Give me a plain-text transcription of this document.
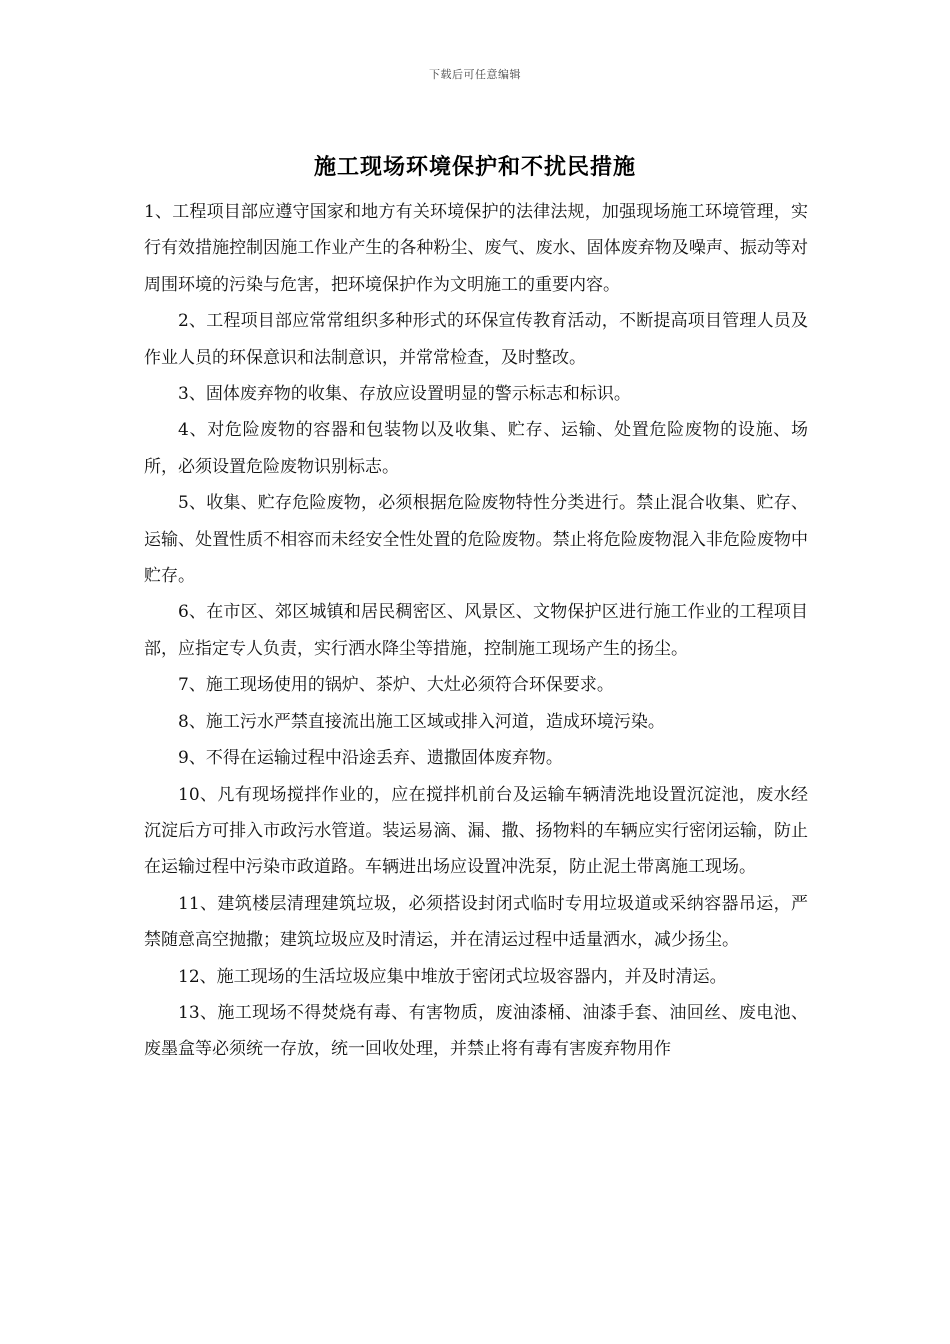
下载后可任意编辑
施工现场环境保护和不扰民措施

1、工程项目部应遵守国家和地方有关环境保护的法律法规，加强现场施工环境管理，实行有效措施控制因施工作业产生的各种粉尘、废气、废水、固体废弃物及噪声、振动等对周围环境的污染与危害，把环境保护作为文明施工的重要内容。

2、工程项目部应常常组织多种形式的环保宣传教育活动，不断提高项目管理人员及作业人员的环保意识和法制意识，并常常检查，及时整改。

3、固体废弃物的收集、存放应设置明显的警示标志和标识。

4、对危险废物的容器和包装物以及收集、贮存、运输、处置危险废物的设施、场所，必须设置危险废物识别标志。

5、收集、贮存危险废物，必须根据危险废物特性分类进行。禁止混合收集、贮存、运输、处置性质不相容而未经安全性处置的危险废物。禁止将危险废物混入非危险废物中贮存。

6、在市区、郊区城镇和居民稠密区、风景区、文物保护区进行施工作业的工程项目部，应指定专人负责，实行洒水降尘等措施，控制施工现场产生的扬尘。

7、施工现场使用的锅炉、茶炉、大灶必须符合环保要求。

8、施工污水严禁直接流出施工区域或排入河道，造成环境污染。

9、不得在运输过程中沿途丢弃、遗撒固体废弃物。

10、凡有现场搅拌作业的，应在搅拌机前台及运输车辆清洗地设置沉淀池，废水经沉淀后方可排入市政污水管道。装运易滴、漏、撒、扬物料的车辆应实行密闭运输，防止在运输过程中污染市政道路。车辆进出场应设置冲洗泵，防止泥土带离施工现场。

11、建筑楼层清理建筑垃圾，必须搭设封闭式临时专用垃圾道或采纳容器吊运，严禁随意高空抛撒；建筑垃圾应及时清运，并在清运过程中适量洒水，减少扬尘。

12、施工现场的生活垃圾应集中堆放于密闭式垃圾容器内，并及时清运。

13、施工现场不得焚烧有毒、有害物质，废油漆桶、油漆手套、油回丝、废电池、废墨盒等必须统一存放，统一回收处理，并禁止将有毒有害废弃物用作
